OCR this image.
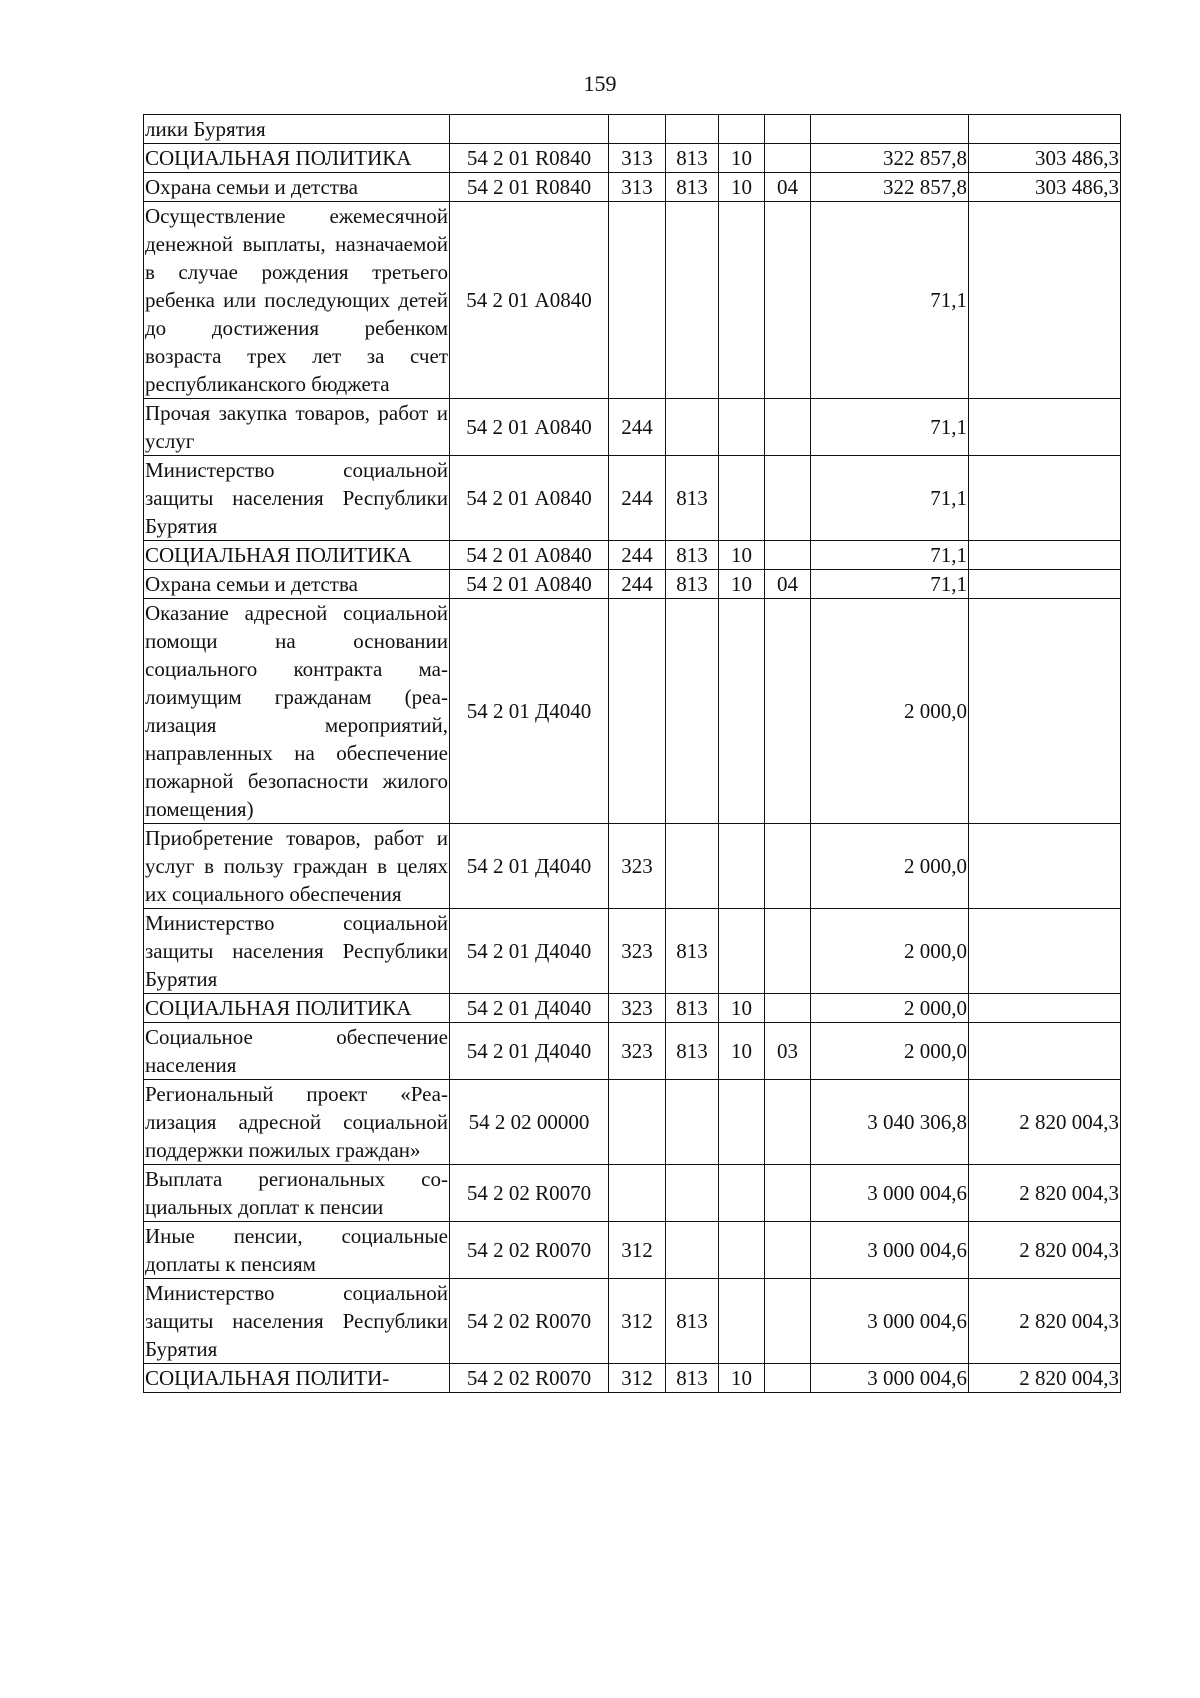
159
лики Бурятия							
СОЦИАЛЬНАЯ ПОЛИТИКА	54 2 01 R0840	313	813	10		322 857,8	303 486,3
Охрана семьи и детства	54 2 01 R0840	313	813	10	04	322 857,8	303 486,3
Осуществление ежемесячной денежной выплаты, назначаемой в случае рождения третьего ребенка или последующих детей до достижения ребенком возраста трех лет за счет республиканского бюджета	54 2 01 А0840					71,1	
Прочая закупка товаров, работ и услуг	54 2 01 А0840	244				71,1	
Министерство социальной защиты населения Республики Бурятия	54 2 01 А0840	244	813			71,1	
СОЦИАЛЬНАЯ ПОЛИТИКА	54 2 01 А0840	244	813	10		71,1	
Охрана семьи и детства	54 2 01 А0840	244	813	10	04	71,1	
Оказание адресной социальной помощи на основании социального контракта малоимущим гражданам (реализация мероприятий, направленных на обеспечение пожарной безопасности жилого помещения)	54 2 01 Д4040					2 000,0	
Приобретение товаров, работ и услуг в пользу граждан в целях их социального обеспечения	54 2 01 Д4040	323				2 000,0	
Министерство социальной защиты населения Республики Бурятия	54 2 01 Д4040	323	813			2 000,0	
СОЦИАЛЬНАЯ ПОЛИТИКА	54 2 01 Д4040	323	813	10		2 000,0	
Социальное обеспечение населения	54 2 01 Д4040	323	813	10	03	2 000,0	
Региональный проект «Реализация адресной социальной поддержки пожилых граждан»	54 2 02 00000					3 040 306,8	2 820 004,3
Выплата региональных социальных доплат к пенсии	54 2 02 R0070					3 000 004,6	2 820 004,3
Иные пенсии, социальные доплаты к пенсиям	54 2 02 R0070	312				3 000 004,6	2 820 004,3
Министерство социальной защиты населения Республики Бурятия	54 2 02 R0070	312	813			3 000 004,6	2 820 004,3
СОЦИАЛЬНАЯ ПОЛИТИ-	54 2 02 R0070	312	813	10		3 000 004,6	2 820 004,3
